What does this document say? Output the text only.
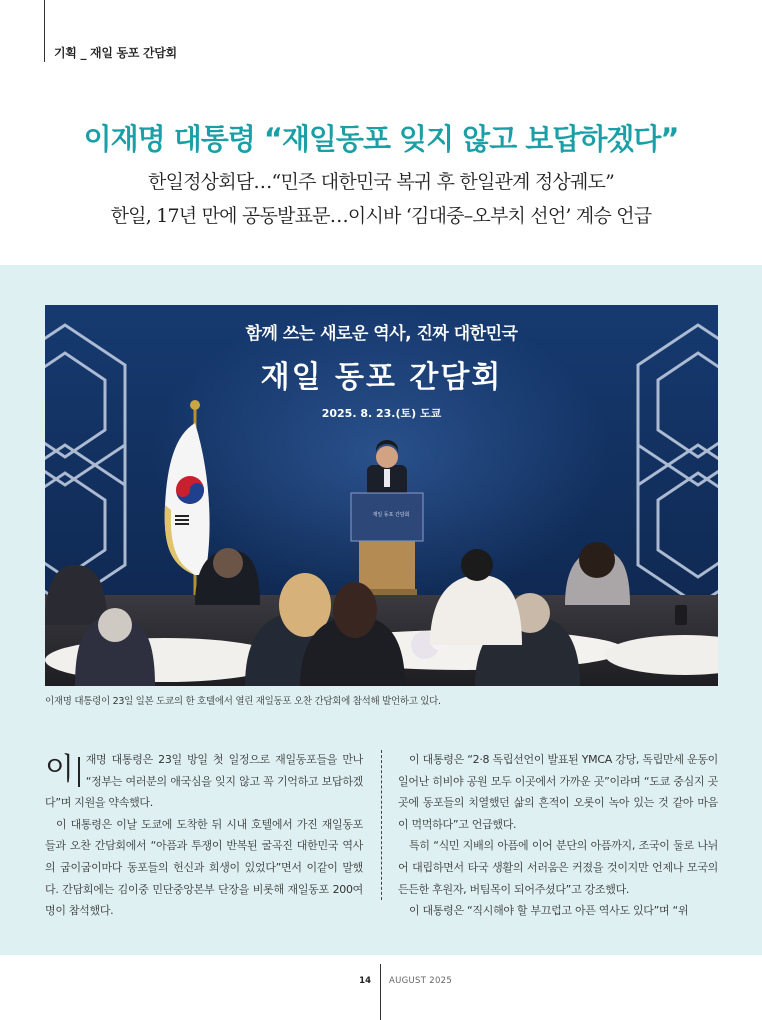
기획 _ 재일 동포 간담회
이재명 대통령 “재일동포 잊지 않고 보답하겠다”

한일정상회담…“민주 대한민국 복귀 후 한일관계 정상궤도”

한일, 17년 만에 공동발표문…이시바 ‘김대중–오부치 선언’ 계승 언급

함께 쓰는 새로운 역사, 진짜 대한민국
재일 동포 간담회
2025. 8. 23.(토) 도쿄
재일 동포 간담회
이재명 대통령이 23일 일본 도쿄의 한 호텔에서 열린 재일동포 오찬 간담회에 참석해 발언하고 있다.
이	재명 대통령은 23일 방일 첫 일정으로 재일동포들을 만나 “정부는 여러분의 애국심을 잊지 않고 꼭 기억하고 보답하겠다”며 지원을 약속했다.

이 대통령은 이날 도쿄에 도착한 뒤 시내 호텔에서 가진 재일동포들과 오찬 간담회에서 “아픔과 투쟁이 반복된 굴곡진 대한민국 역사의 굽이굽이마다 동포들의 헌신과 희생이 있었다”면서 이같이 말했다. 간담회에는 김이중 민단중앙본부 단장을 비롯해 재일동포 200여 명이 참석했다.

이 대통령은 “2·8 독립선언이 발표된 YMCA 강당, 독립만세 운동이 일어난 히비야 공원 모두 이곳에서 가까운 곳”이라며 “도쿄 중심지 곳곳에 동포들의 치열했던 삶의 흔적이 오롯이 녹아 있는 것 같아 마음이 먹먹하다”고 언급했다.

특히 “식민 지배의 아픔에 이어 분단의 아픔까지, 조국이 둘로 나뉘어 대립하면서 타국 생활의 서러움은 커졌을 것이지만 언제나 모국의 든든한 후원자, 버팀목이 되어주셨다”고 강조했다.

이 대통령은 “직시해야 할 부끄럽고 아픈 역사도 있다”며 “위

14 AUGUST 2025
